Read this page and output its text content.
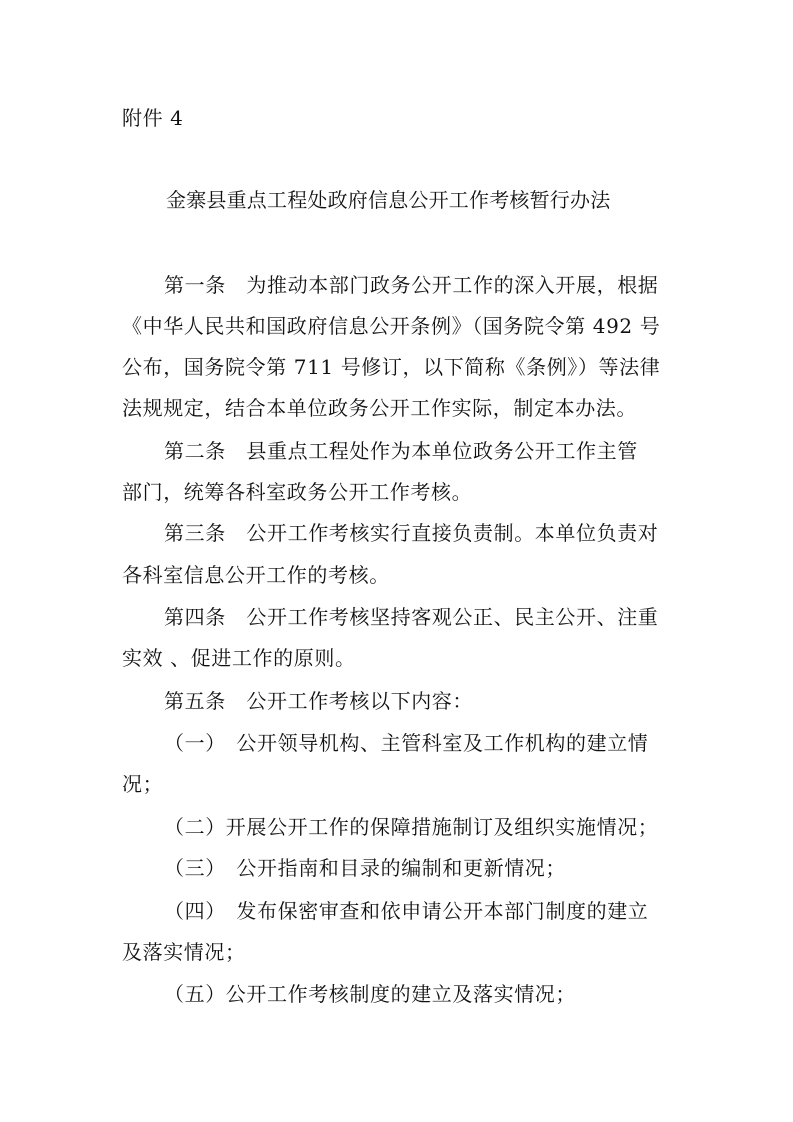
附件 4
金寨县重点工程处政府信息公开工作考核暂行办法
第一条　为推动本部门政务公开工作的深入开展，根据
《中华人民共和国政府信息公开条例》（国务院令第 492 号
公布，国务院令第 711 号修订，以下简称《条例》）等法律
法规规定，结合本单位政务公开工作实际，制定本办法。
第二条　县重点工程处作为本单位政务公开工作主管
部门，统筹各科室政务公开工作考核。
第三条　公开工作考核实行直接负责制。本单位负责对
各科室信息公开工作的考核。
第四条　公开工作考核坚持客观公正、民主公开、注重
实效 、促进工作的原则。
第五条　公开工作考核以下内容：
（一）　公开领导机构、主管科室及工作机构的建立情
况；
（二）开展公开工作的保障措施制订及组织实施情况；
（三）　公开指南和目录的编制和更新情况；
（四）　发布保密审查和依申请公开本部门制度的建立
及落实情况；
（五）公开工作考核制度的建立及落实情况；
